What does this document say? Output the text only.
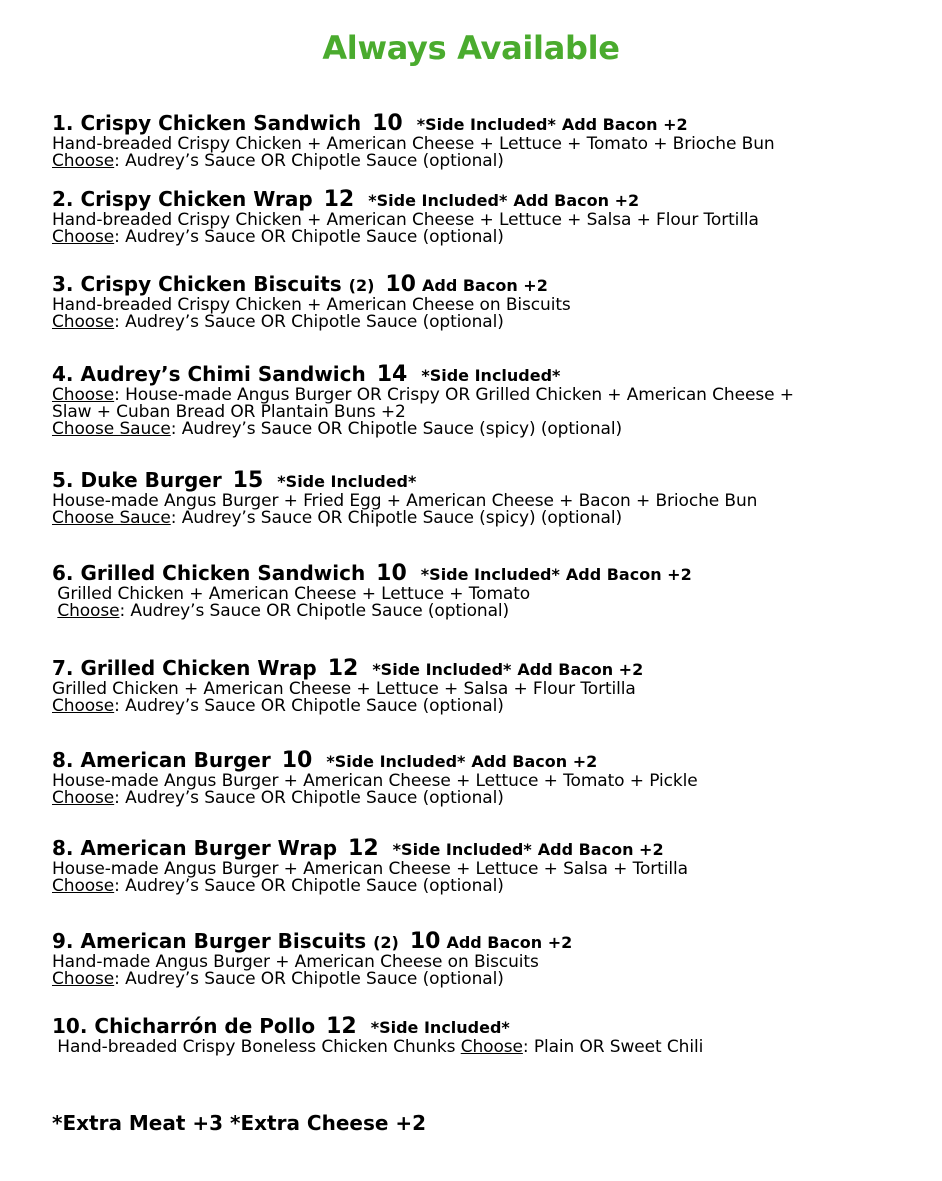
Always Available
1. Crispy Chicken Sandwich 10 *Side Included* Add Bacon +2
Hand-breaded Crispy Chicken + American Cheese + Lettuce + Tomato + Brioche Bun
Choose: Audrey’s Sauce OR Chipotle Sauce (optional)
2. Crispy Chicken Wrap 12 *Side Included* Add Bacon +2
Hand-breaded Crispy Chicken + American Cheese + Lettuce + Salsa + Flour Tortilla
Choose: Audrey’s Sauce OR Chipotle Sauce (optional)
3. Crispy Chicken Biscuits (2) 10 Add Bacon +2
Hand-breaded Crispy Chicken + American Cheese on Biscuits
Choose: Audrey’s Sauce OR Chipotle Sauce (optional)
4. Audrey’s Chimi Sandwich 14 *Side Included*
Choose: House-made Angus Burger OR Crispy OR Grilled Chicken + American Cheese +
Slaw + Cuban Bread OR Plantain Buns +2
Choose Sauce: Audrey’s Sauce OR Chipotle Sauce (spicy) (optional)
5. Duke Burger 15 *Side Included*
House-made Angus Burger + Fried Egg + American Cheese + Bacon + Brioche Bun
Choose Sauce: Audrey’s Sauce OR Chipotle Sauce (spicy) (optional)
6. Grilled Chicken Sandwich 10 *Side Included* Add Bacon +2
Grilled Chicken + American Cheese + Lettuce + Tomato
Choose: Audrey’s Sauce OR Chipotle Sauce (optional)
7. Grilled Chicken Wrap 12 *Side Included* Add Bacon +2
Grilled Chicken + American Cheese + Lettuce + Salsa + Flour Tortilla
Choose: Audrey’s Sauce OR Chipotle Sauce (optional)
8. American Burger 10 *Side Included* Add Bacon +2
House-made Angus Burger + American Cheese + Lettuce + Tomato + Pickle
Choose: Audrey’s Sauce OR Chipotle Sauce (optional)
8. American Burger Wrap 12 *Side Included* Add Bacon +2
House-made Angus Burger + American Cheese + Lettuce + Salsa + Tortilla
Choose: Audrey’s Sauce OR Chipotle Sauce (optional)
9. American Burger Biscuits (2) 10 Add Bacon +2
Hand-made Angus Burger + American Cheese on Biscuits
Choose: Audrey’s Sauce OR Chipotle Sauce (optional)
10. Chicharrón de Pollo 12 *Side Included*
Hand-breaded Crispy Boneless Chicken Chunks Choose: Plain OR Sweet Chili
*Extra Meat +3 *Extra Cheese +2
